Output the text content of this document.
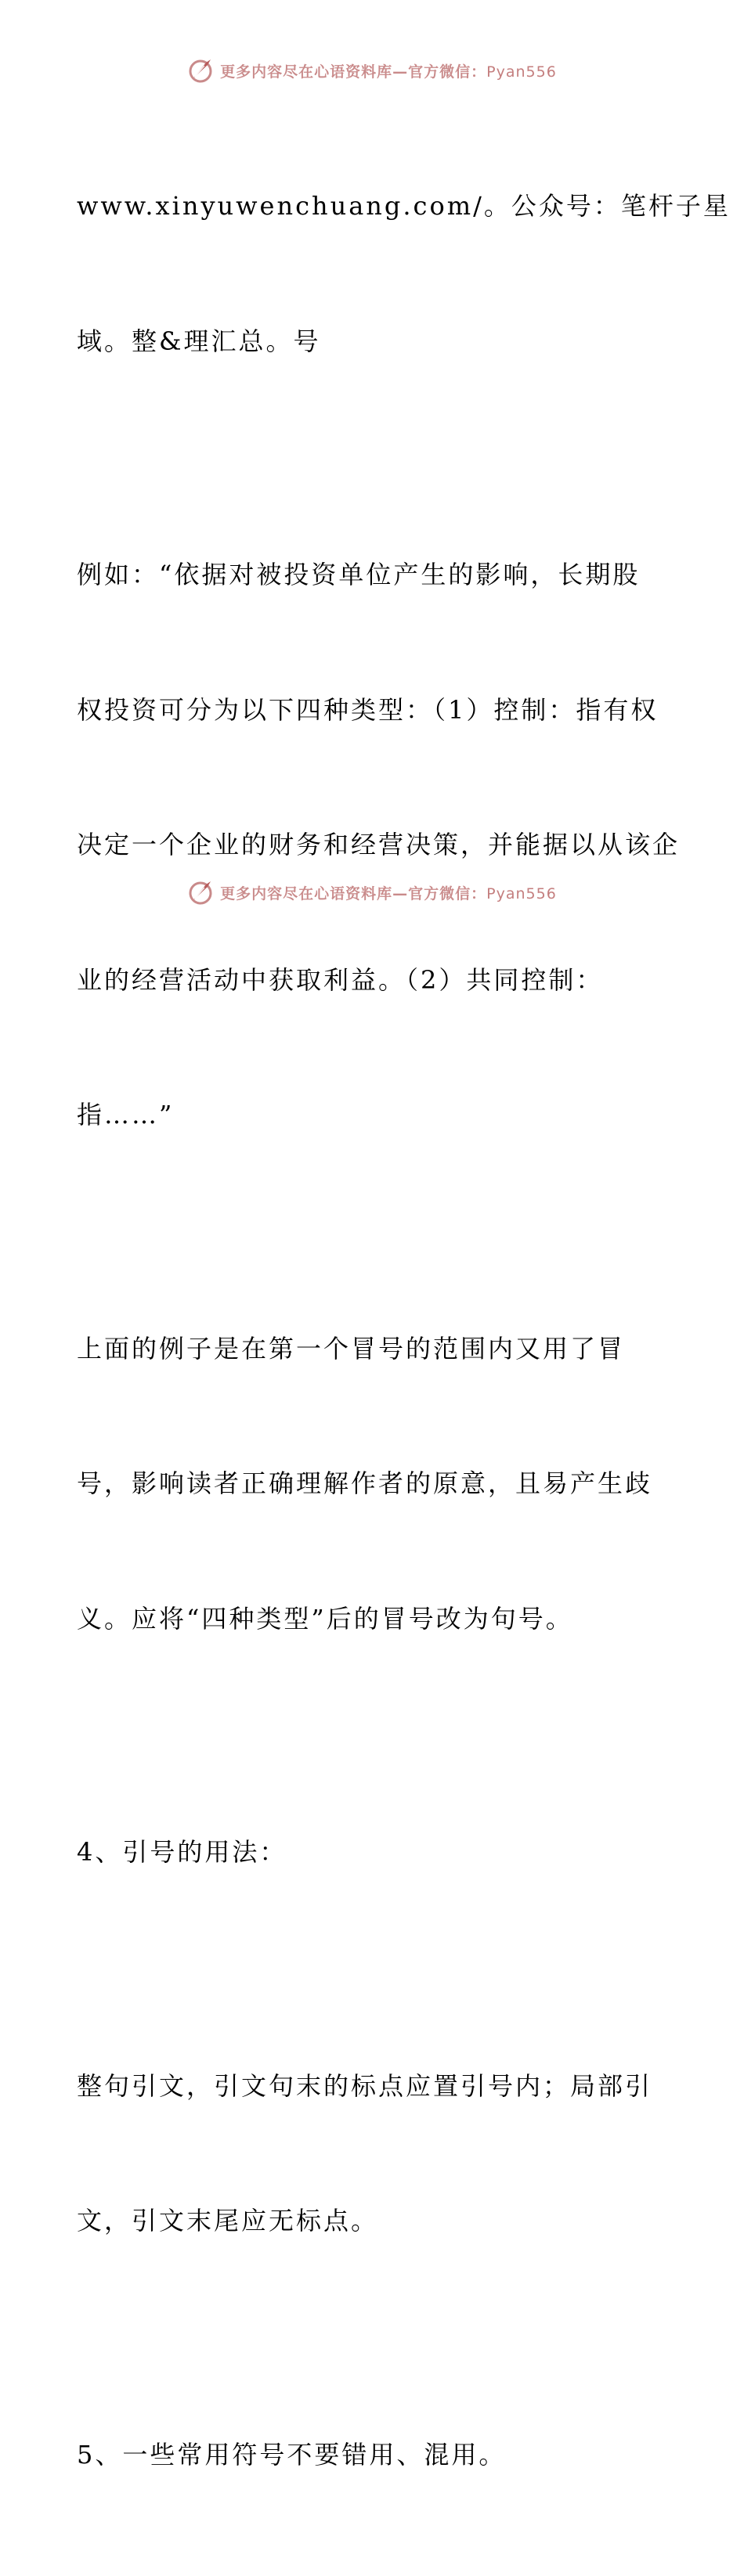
更多内容尽在心语资料库—官方微信：Pyan556

www.xinyuwenchuang.com/。公众号：笔杆子星

域。整&理汇总。号

例如：“依据对被投资单位产生的影响，长期股

权投资可分为以下四种类型：（1）控制：指有权

决定一个企业的财务和经营决策，并能据以从该企

业的经营活动中获取利益。（2）共同控制：

指……”

上面的例子是在第一个冒号的范围内又用了冒

号，影响读者正确理解作者的原意，且易产生歧

义。应将“四种类型”后的冒号改为句号。

4、引号的用法：

整句引文，引文句末的标点应置引号内；局部引

文，引文末尾应无标点。

5、一些常用符号不要错用、混用。

更多内容尽在心语资料库—官方微信：Pyan556
